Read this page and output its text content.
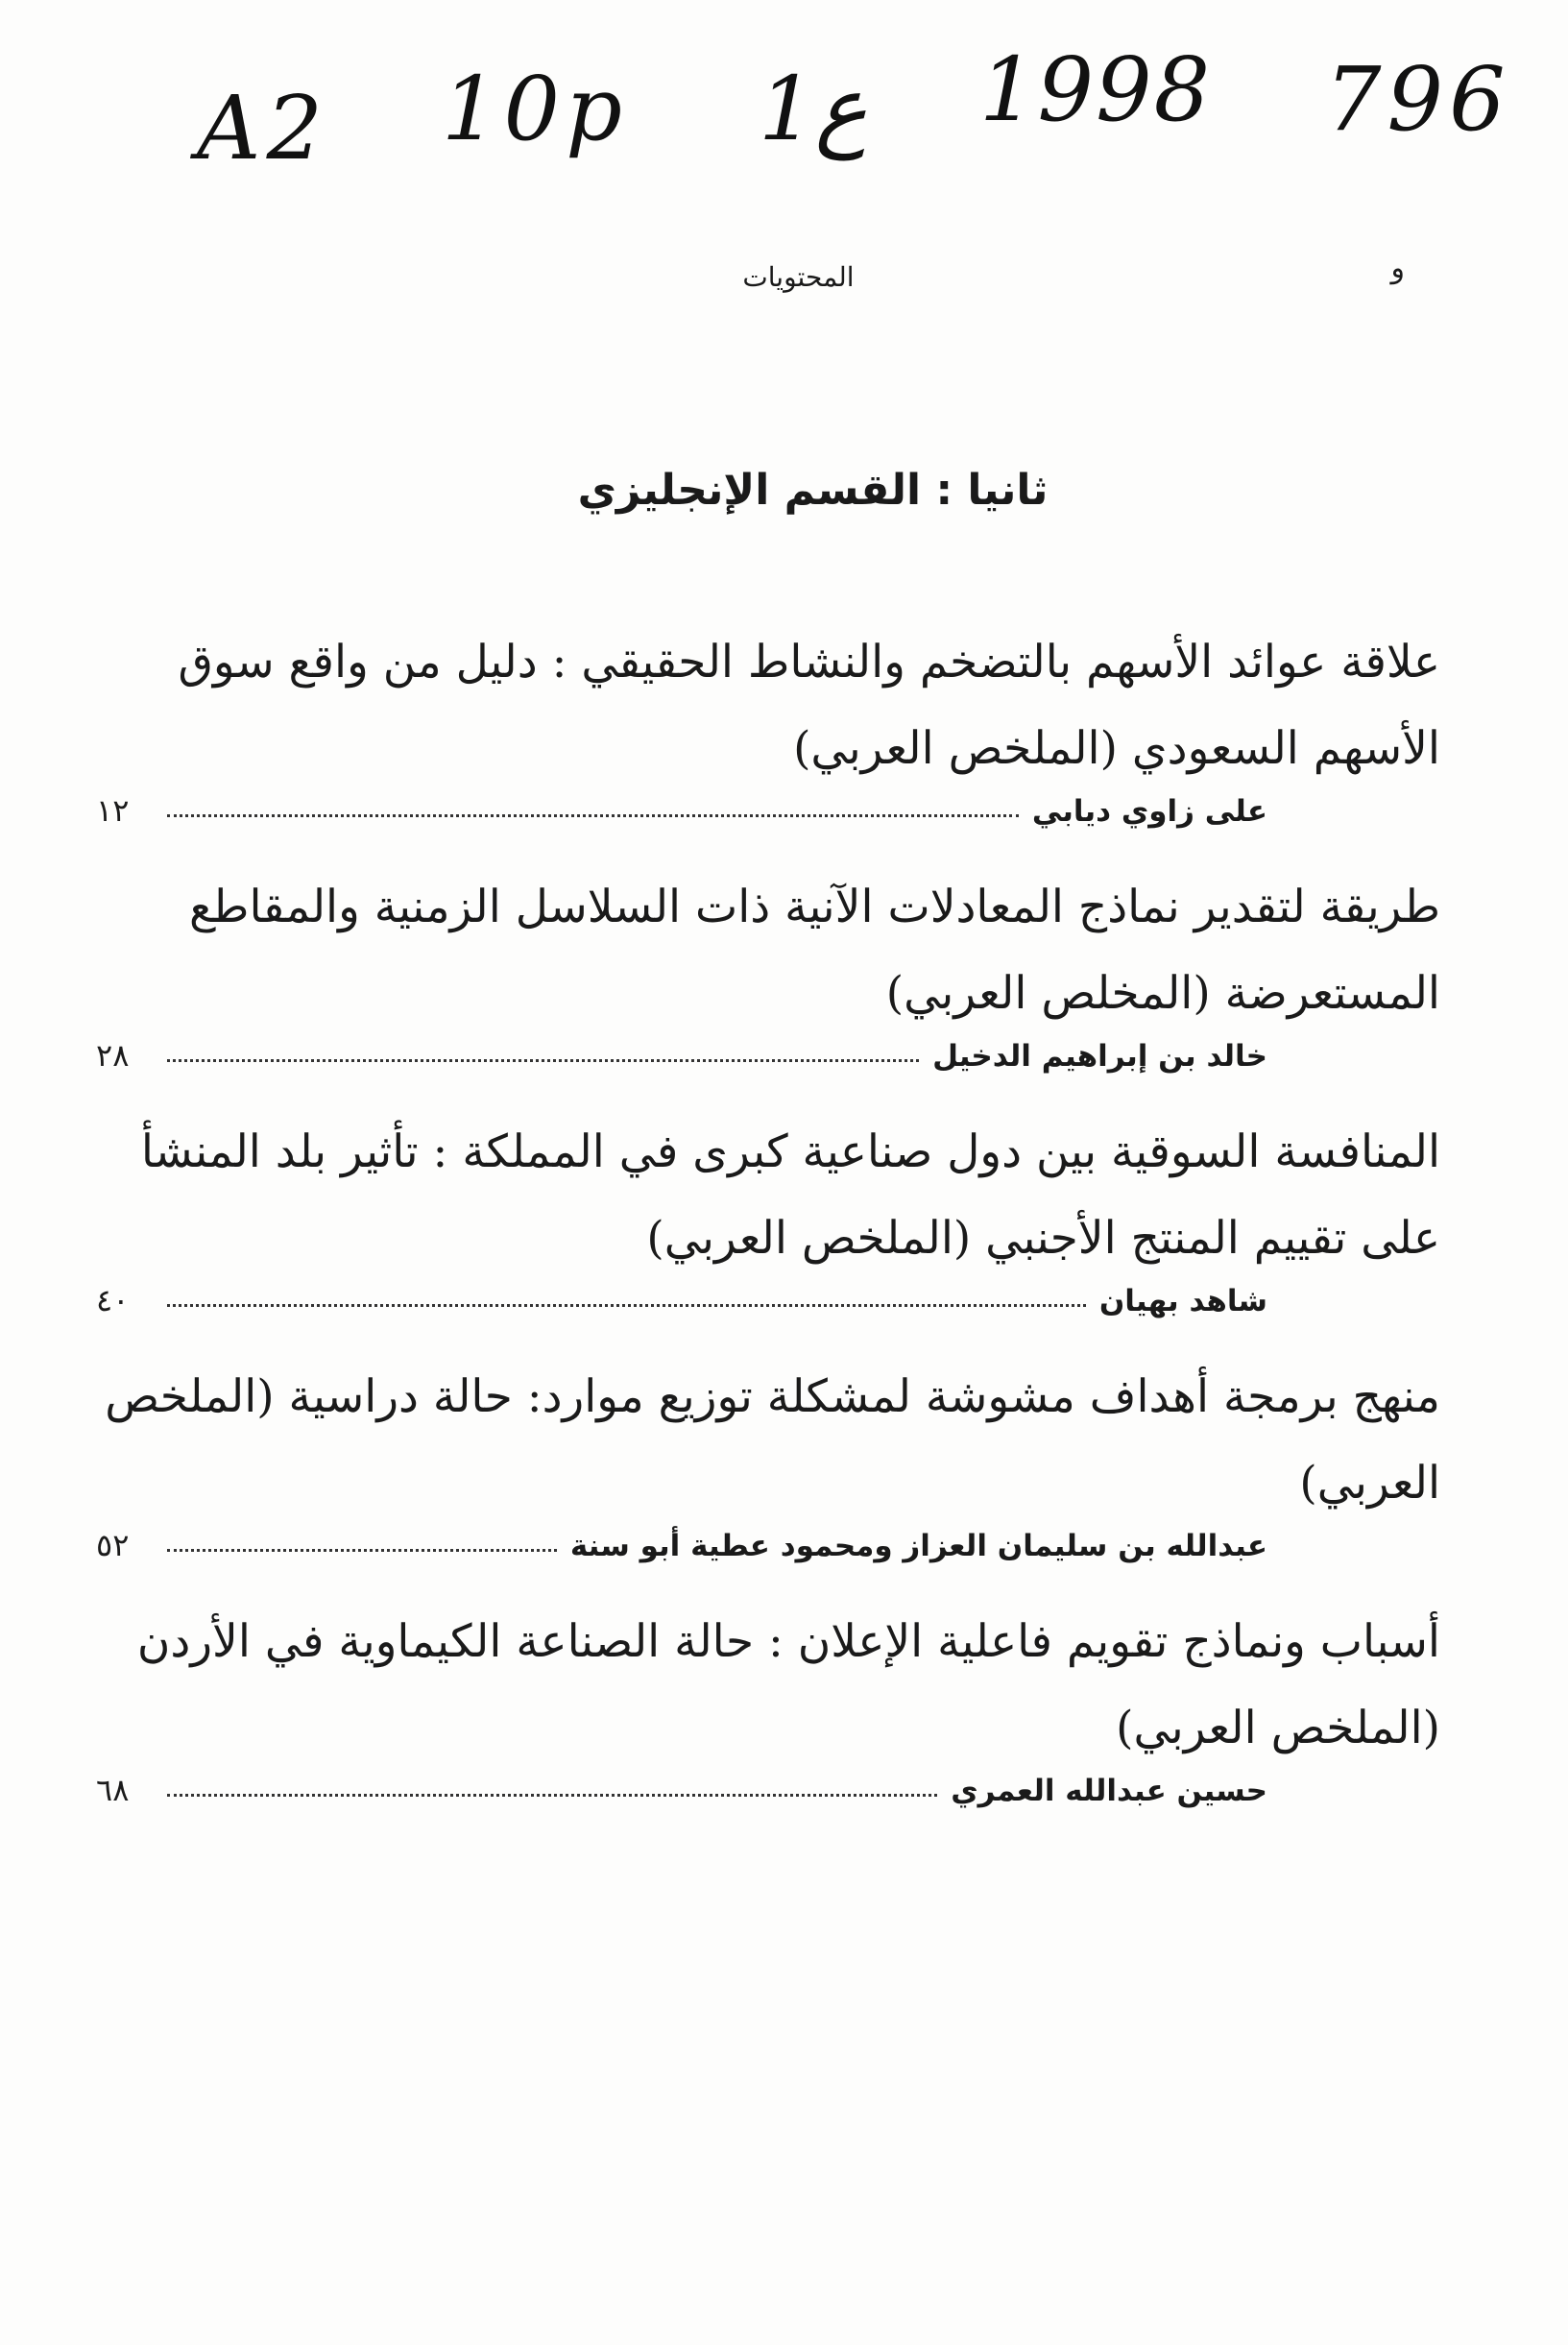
A2 10p 1ع 1998 796
و
المحتويات
ثانيا : القسم الإنجليزي
علاقة عوائد الأسهم بالتضخم والنشاط الحقيقي : دليل من واقع سوق الأسهم السعودي (الملخص العربي)
على زاوي ديابي
١٢
طريقة لتقدير نماذج المعادلات الآنية ذات السلاسل الزمنية والمقاطع المستعرضة (المخلص العربي)
خالد بن إبراهيم الدخيل
٢٨
المنافسة السوقية بين دول صناعية كبرى في المملكة : تأثير بلد المنشأ على تقييم المنتج الأجنبي (الملخص العربي)
شاهد بهيان
٤٠
منهج برمجة أهداف مشوشة لمشكلة توزيع موارد: حالة دراسية (الملخص العربي)
عبدالله بن سليمان العزاز ومحمود عطية أبو سنة
٥٢
أسباب ونماذج تقويم فاعلية الإعلان : حالة الصناعة الكيماوية في الأردن (الملخص العربي)
حسين عبدالله العمري
٦٨
